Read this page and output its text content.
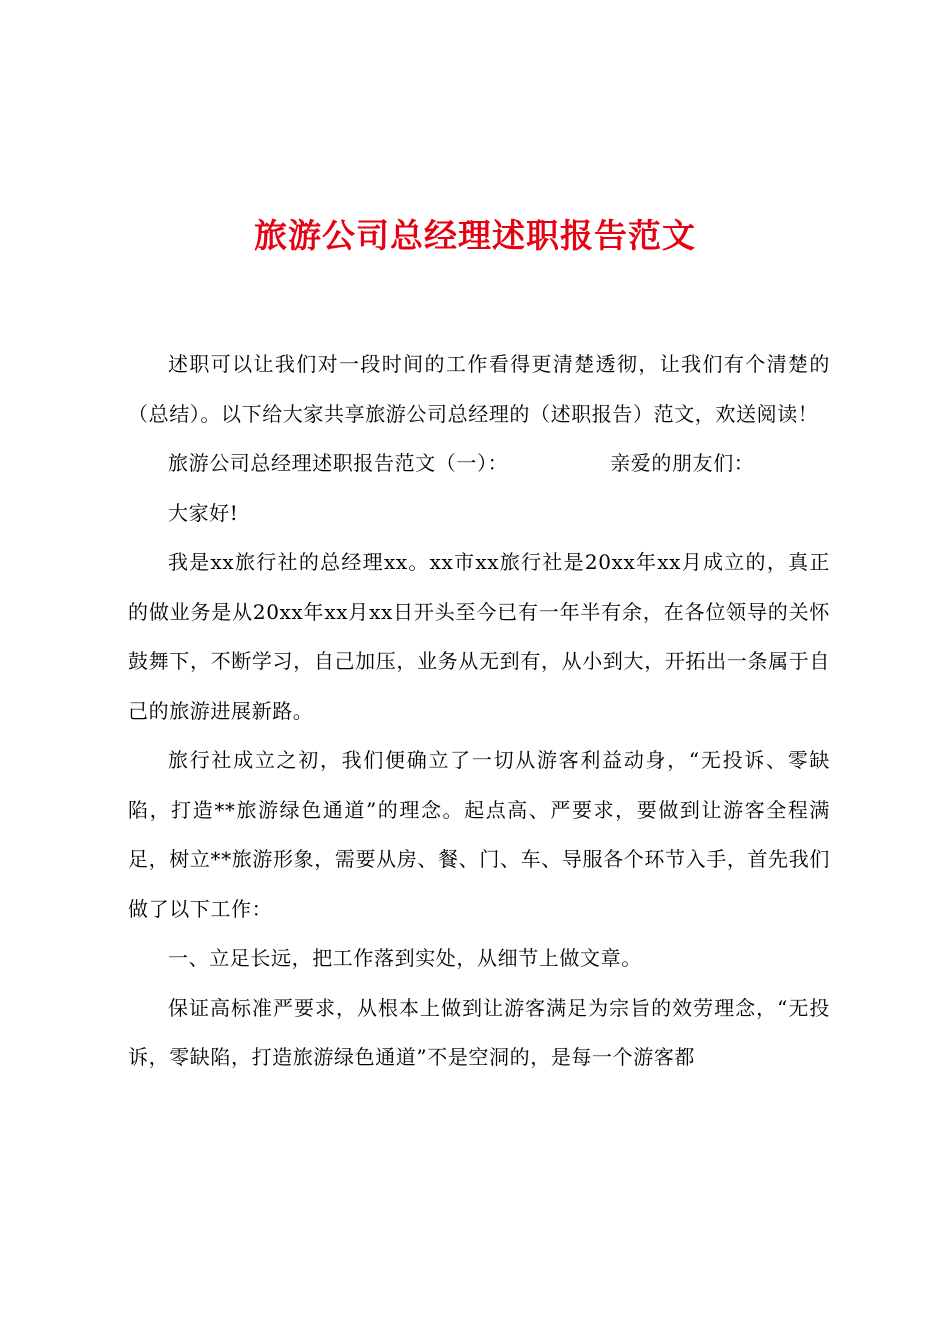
旅游公司总经理述职报告范文

述职可以让我们对一段时间的工作看得更清楚透彻，让我们有个清楚的（总结）。以下给大家共享旅游公司总经理的（述职报告）范文，欢送阅读！

旅游公司总经理述职报告范文（一）：	亲爱的朋友们：

大家好!

我是xx旅行社的总经理xx。xx市xx旅行社是20xx年xx月成立的，真正的做业务是从20xx年xx月xx日开头至今已有一年半有余，在各位领导的关怀鼓舞下，不断学习，自己加压，业务从无到有，从小到大，开拓出一条属于自己的旅游进展新路。

旅行社成立之初，我们便确立了一切从游客利益动身，“无投诉、零缺陷，打造**旅游绿色通道”的理念。起点高、严要求，要做到让游客全程满足，树立**旅游形象，需要从房、餐、门、车、导服各个环节入手，首先我们做了以下工作：

一、立足长远，把工作落到实处，从细节上做文章。

保证高标准严要求，从根本上做到让游客满足为宗旨的效劳理念，“无投诉，零缺陷，打造旅游绿色通道”不是空洞的，是每一个游客都
